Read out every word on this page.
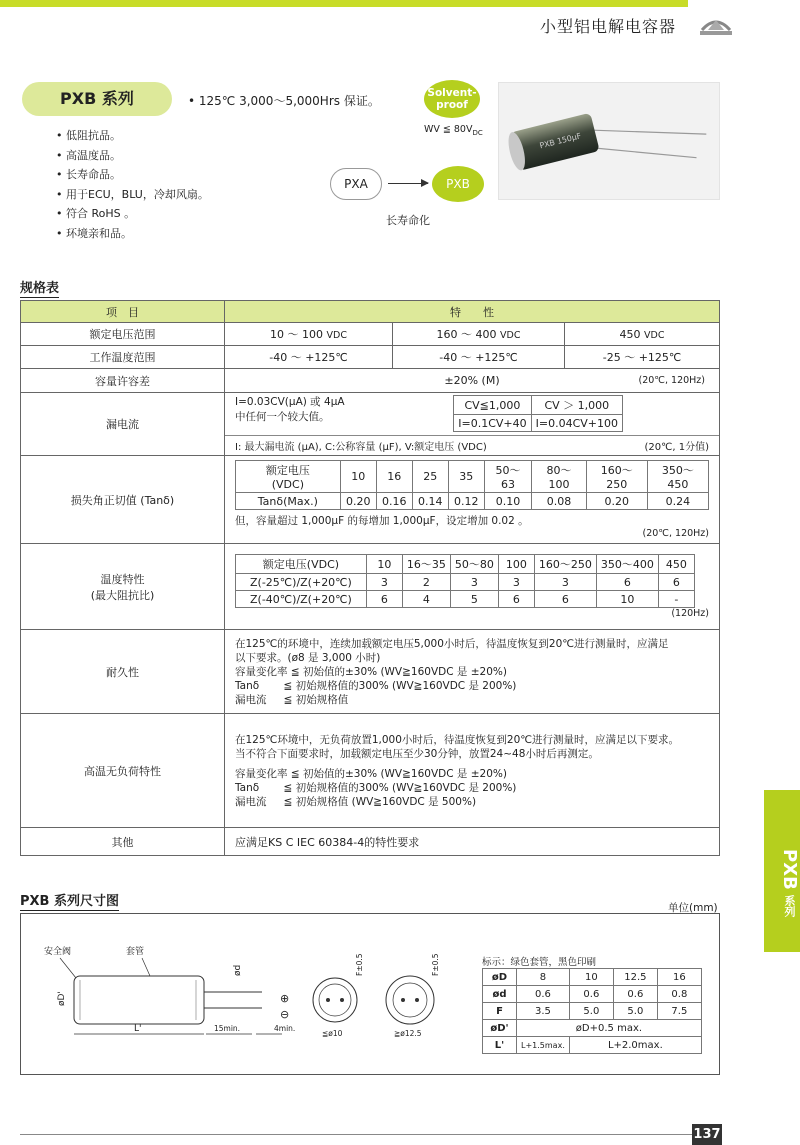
小型铝电解电容器
PXB 系列	• 125℃ 3,000～5,000Hrs 保证。
• 低阻抗品。
• 高温度品。
• 长寿命品。
• 用于ECU，BLU，冷却风扇。
• 符合 RoHS 。
• 环境亲和品。
Solvent-
proof
WV ≦ $80V_{DC}$
PXA	PXB
长寿命化
PXB 150μF
规格表
项　目	特　　性
额定电压范围	10 ～ 100 VDC	160 ～ 400 VDC	450 VDC
工作温度范围	-40 ～ +125℃	-40 ～ +125℃	-25 ～ +125℃
容量许容差	±20% (M)	(20℃, 120Hz)

漏电流	
I=0.03CV(μA) 或 4μA
中任何一个较大值。
CV≦1,000	CV ＞ 1,000
I=0.1CV+40	I=0.04CV+100
I: 最大漏电流 (μA), C:公称容量 (μF), V:额定电压 (VDC)	(20℃, 1分值)

损失角正切值 (Tanδ)	
额定电压(VDC)	10	16	25	35	50～63	80～100	160～250	350～450
Tanδ(Max.)	0.20	0.16	0.14	0.12	0.10	0.08	0.20	0.24
但，容量超过 1,000μF 的每增加 1,000μF，设定增加 0.02 。
(20℃, 120Hz)

温度特性
(最大阻抗比)

额定电压(VDC)	10	16～35	50～80	100	160～250	350～400	450
Z(-25℃)/Z(+20℃)	3	2	3	3	3	6	6
Z(-40℃)/Z(+20℃)	6	4	5	6	6	10	-
(120Hz)

耐久性	
在125℃的环境中，连续加载额定电压5,000小时后，待温度恢复到20℃进行测量时，应满足
以下要求。(ø8 是 3,000 小时)
容量变化率 ≦ 初始值的±30% (WV≧160VDC 是 ±20%)
Tanδ 　　≦ 初始规格值的300% (WV≧160VDC 是 200%)
漏电流 　 ≦ 初始规格值

高温无负荷特性	
在125℃环境中，无负荷放置1,000小时后，待温度恢复到20℃进行测量时，应满足以下要求。
当不符合下面要求时，加载额定电压至少30分钟，放置24~48小时后再测定。
容量变化率 ≦ 初始值的±30% (WV≧160VDC 是 ±20%)
Tanδ 　　≦ 初始规格值的300% (WV≧160VDC 是 200%)
漏电流 　 ≦ 初始规格值 (WV≧160VDC 是 500%)

其他	应满足KS C IEC 60384-4的特性要求
PXB 系列尺寸图	单位(mm)
安全阀	套管
ød
øD'
L'	15min.	4min.
⊕
⊖
F±0.5
≦ø10
F±0.5
≧ø12.5
标示：绿色套管，黑色印刷
øD	8	10	12.5	16
ød	0.6	0.6	0.6	0.8
F	3.5	5.0	5.0	7.5
øD'	øD+0.5 max.			
L'	L+1.5max.	L+2.0max.		
PXB系列
137
